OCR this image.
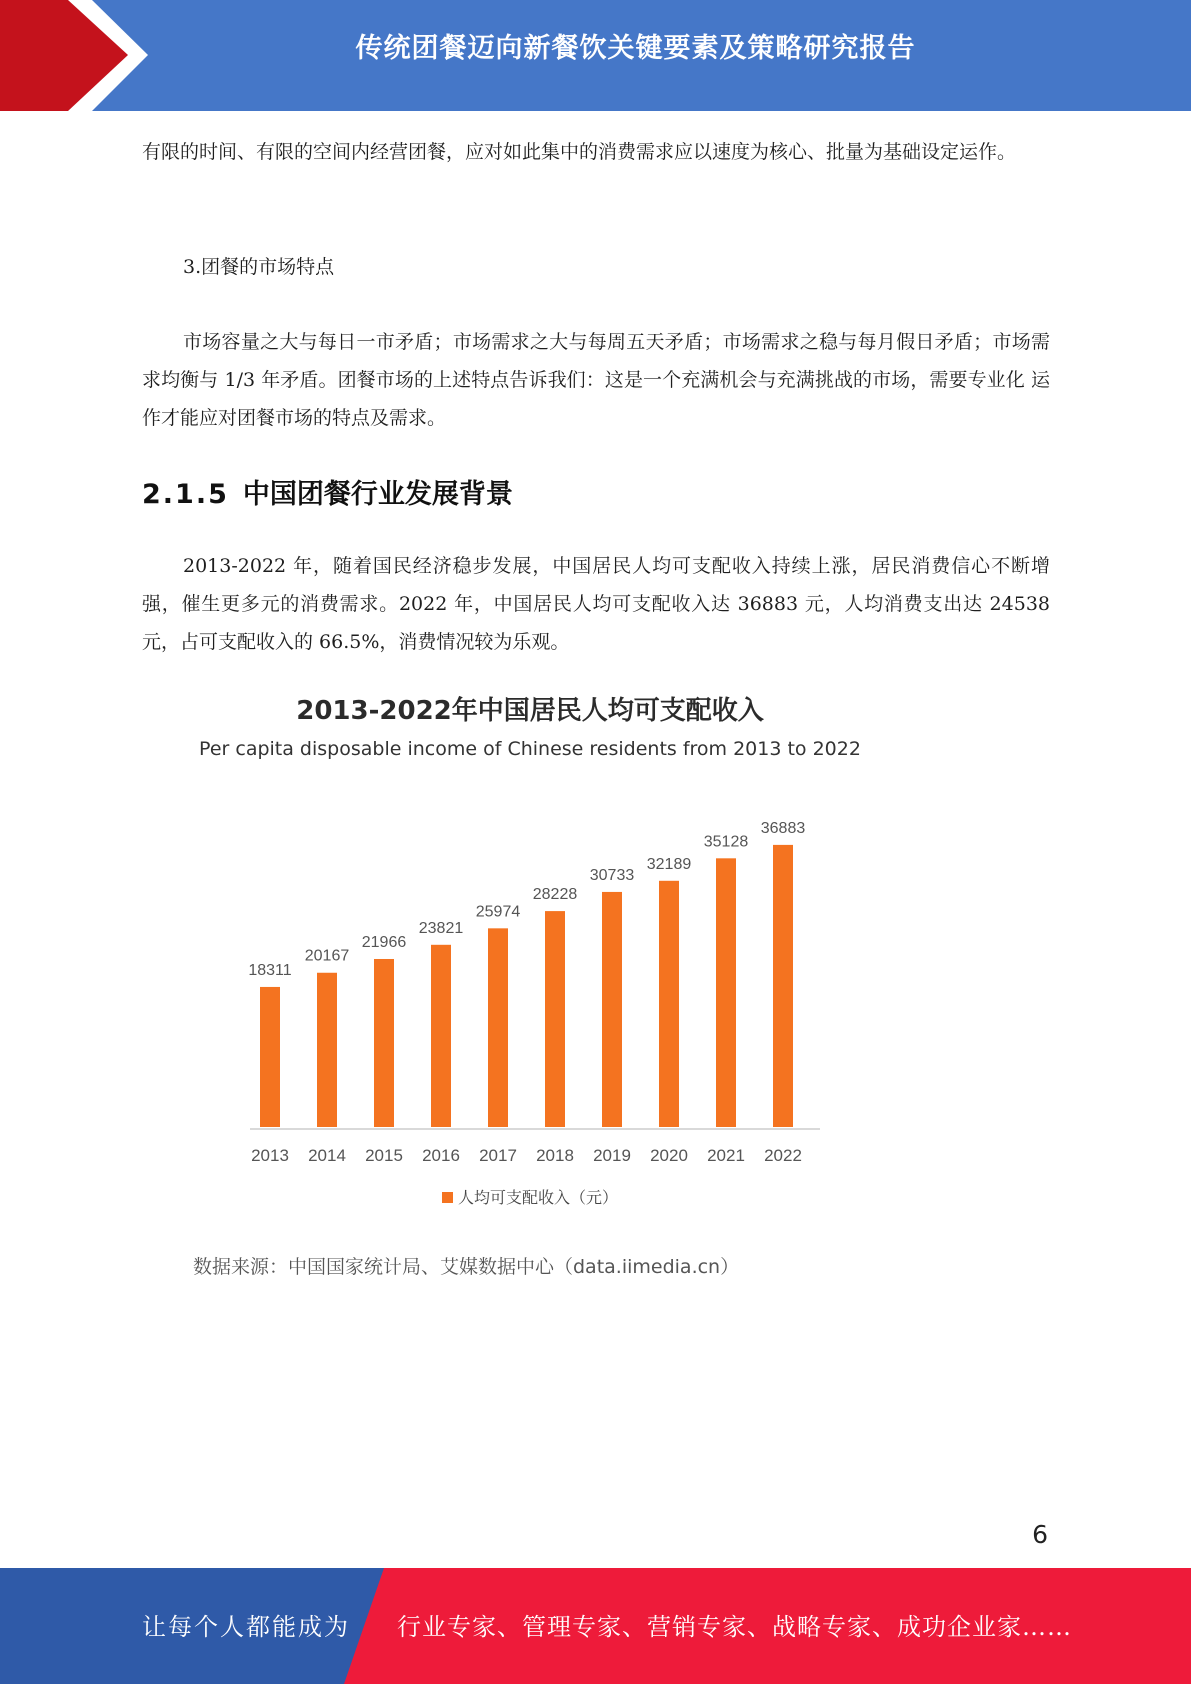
传统团餐迈向新餐饮关键要素及策略研究报告

有限的时间、有限的空间内经营团餐，应对如此集中的消费需求应以速度为核心、批量为基础设定运作。

3.团餐的市场特点

市场容量之大与每日一市矛盾；市场需求之大与每周五天矛盾；市场需求之稳与每月假日矛盾；市场需求均衡与 1/3 年矛盾。团餐市场的上述特点告诉我们：这是一个充满机会与充满挑战的市场，需要专业化 运作才能应对团餐市场的特点及需求。

2.1.5 中国团餐行业发展背景

2013-2022 年，随着国民经济稳步发展，中国居民人均可支配收入持续上涨，居民消费信心不断增强，催生更多元的消费需求。2022 年，中国居民人均可支配收入达 36883 元，人均消费支出达 24538 元，占可支配收入的 66.5%，消费情况较为乐观。

2013-2022年中国居民人均可支配收入

Per capita disposable income of Chinese residents from 2013 to 2022

18311
2013
20167
2014
21966
2015
23821
2016
25974
2017
28228
2018
30733
2019
32189
2020
35128
2021
36883
2022
人均可支配收入（元）

数据来源：中国国家统计局、艾媒数据中心（data.iimedia.cn）

6
让每个人都能成为 行业专家、管理专家、营销专家、战略专家、成功企业家……
